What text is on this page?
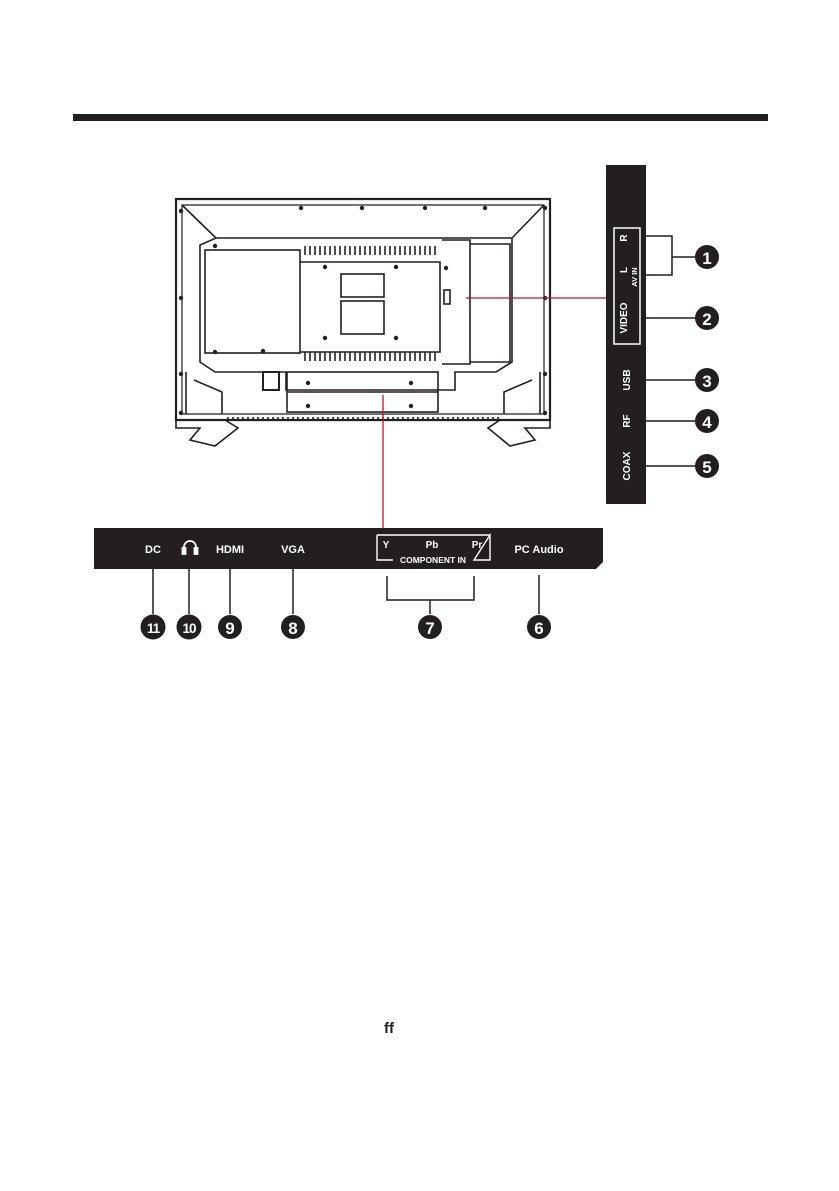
R
L AV IN
VIDEO
USB
RF
COAX
DC	HDMI	VGA	Y	Pb	Pr
COMPONENT IN
PC Audio
1
2
3
4
5
6
7
8
9
10
11
ff
